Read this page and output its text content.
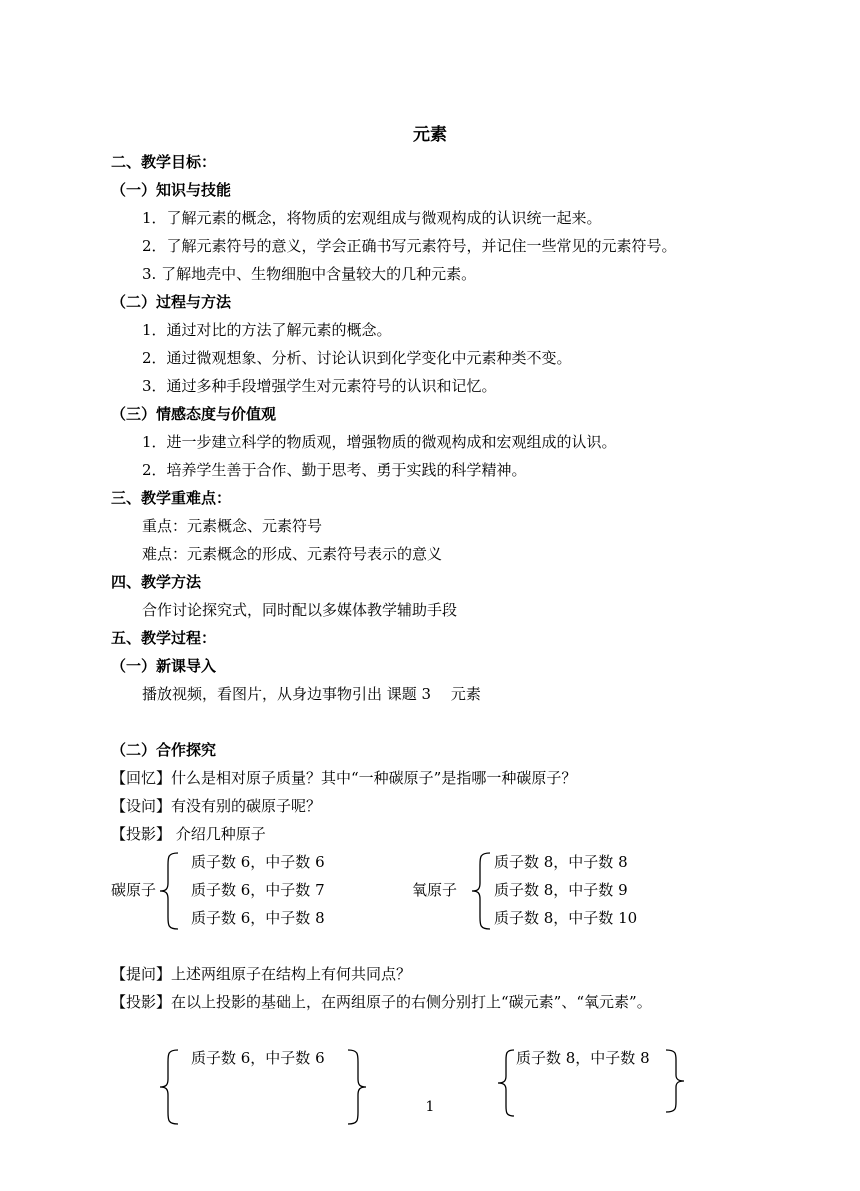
元素
二、教学目标：
（一）知识与技能
1．了解元素的概念，将物质的宏观组成与微观构成的认识统一起来。
2．了解元素符号的意义，学会正确书写元素符号，并记住一些常见的元素符号。
3. 了解地壳中、生物细胞中含量较大的几种元素。
（二）过程与方法
1．通过对比的方法了解元素的概念。
2．通过微观想象、分析、讨论认识到化学变化中元素种类不变。
3．通过多种手段增强学生对元素符号的认识和记忆。
（三）情感态度与价值观
1．进一步建立科学的物质观，增强物质的微观构成和宏观组成的认识。
2．培养学生善于合作、勤于思考、勇于实践的科学精神。
三、教学重难点：
重点：元素概念、元素符号
难点：元素概念的形成、元素符号表示的意义
四、教学方法
合作讨论探究式，同时配以多媒体教学辅助手段
五、教学过程：
（一）新课导入
播放视频，看图片，从身边事物引出 课题 3　 元素
（二）合作探究
【回忆】什么是相对原子质量？其中“一种碳原子”是指哪一种碳原子？
【设问】有没有别的碳原子呢？
【投影】 介绍几种原子
碳原子
质子数 6，中子数 6
质子数 6，中子数 7
质子数 6，中子数 8
氧原子
质子数 8，中子数 8
质子数 8，中子数 9
质子数 8，中子数 10
【提问】上述两组原子在结构上有何共同点？
【投影】在以上投影的基础上，在两组原子的右侧分别打上“碳元素”、“氧元素”。
质子数 6，中子数 6	质子数 8，中子数 8
1
